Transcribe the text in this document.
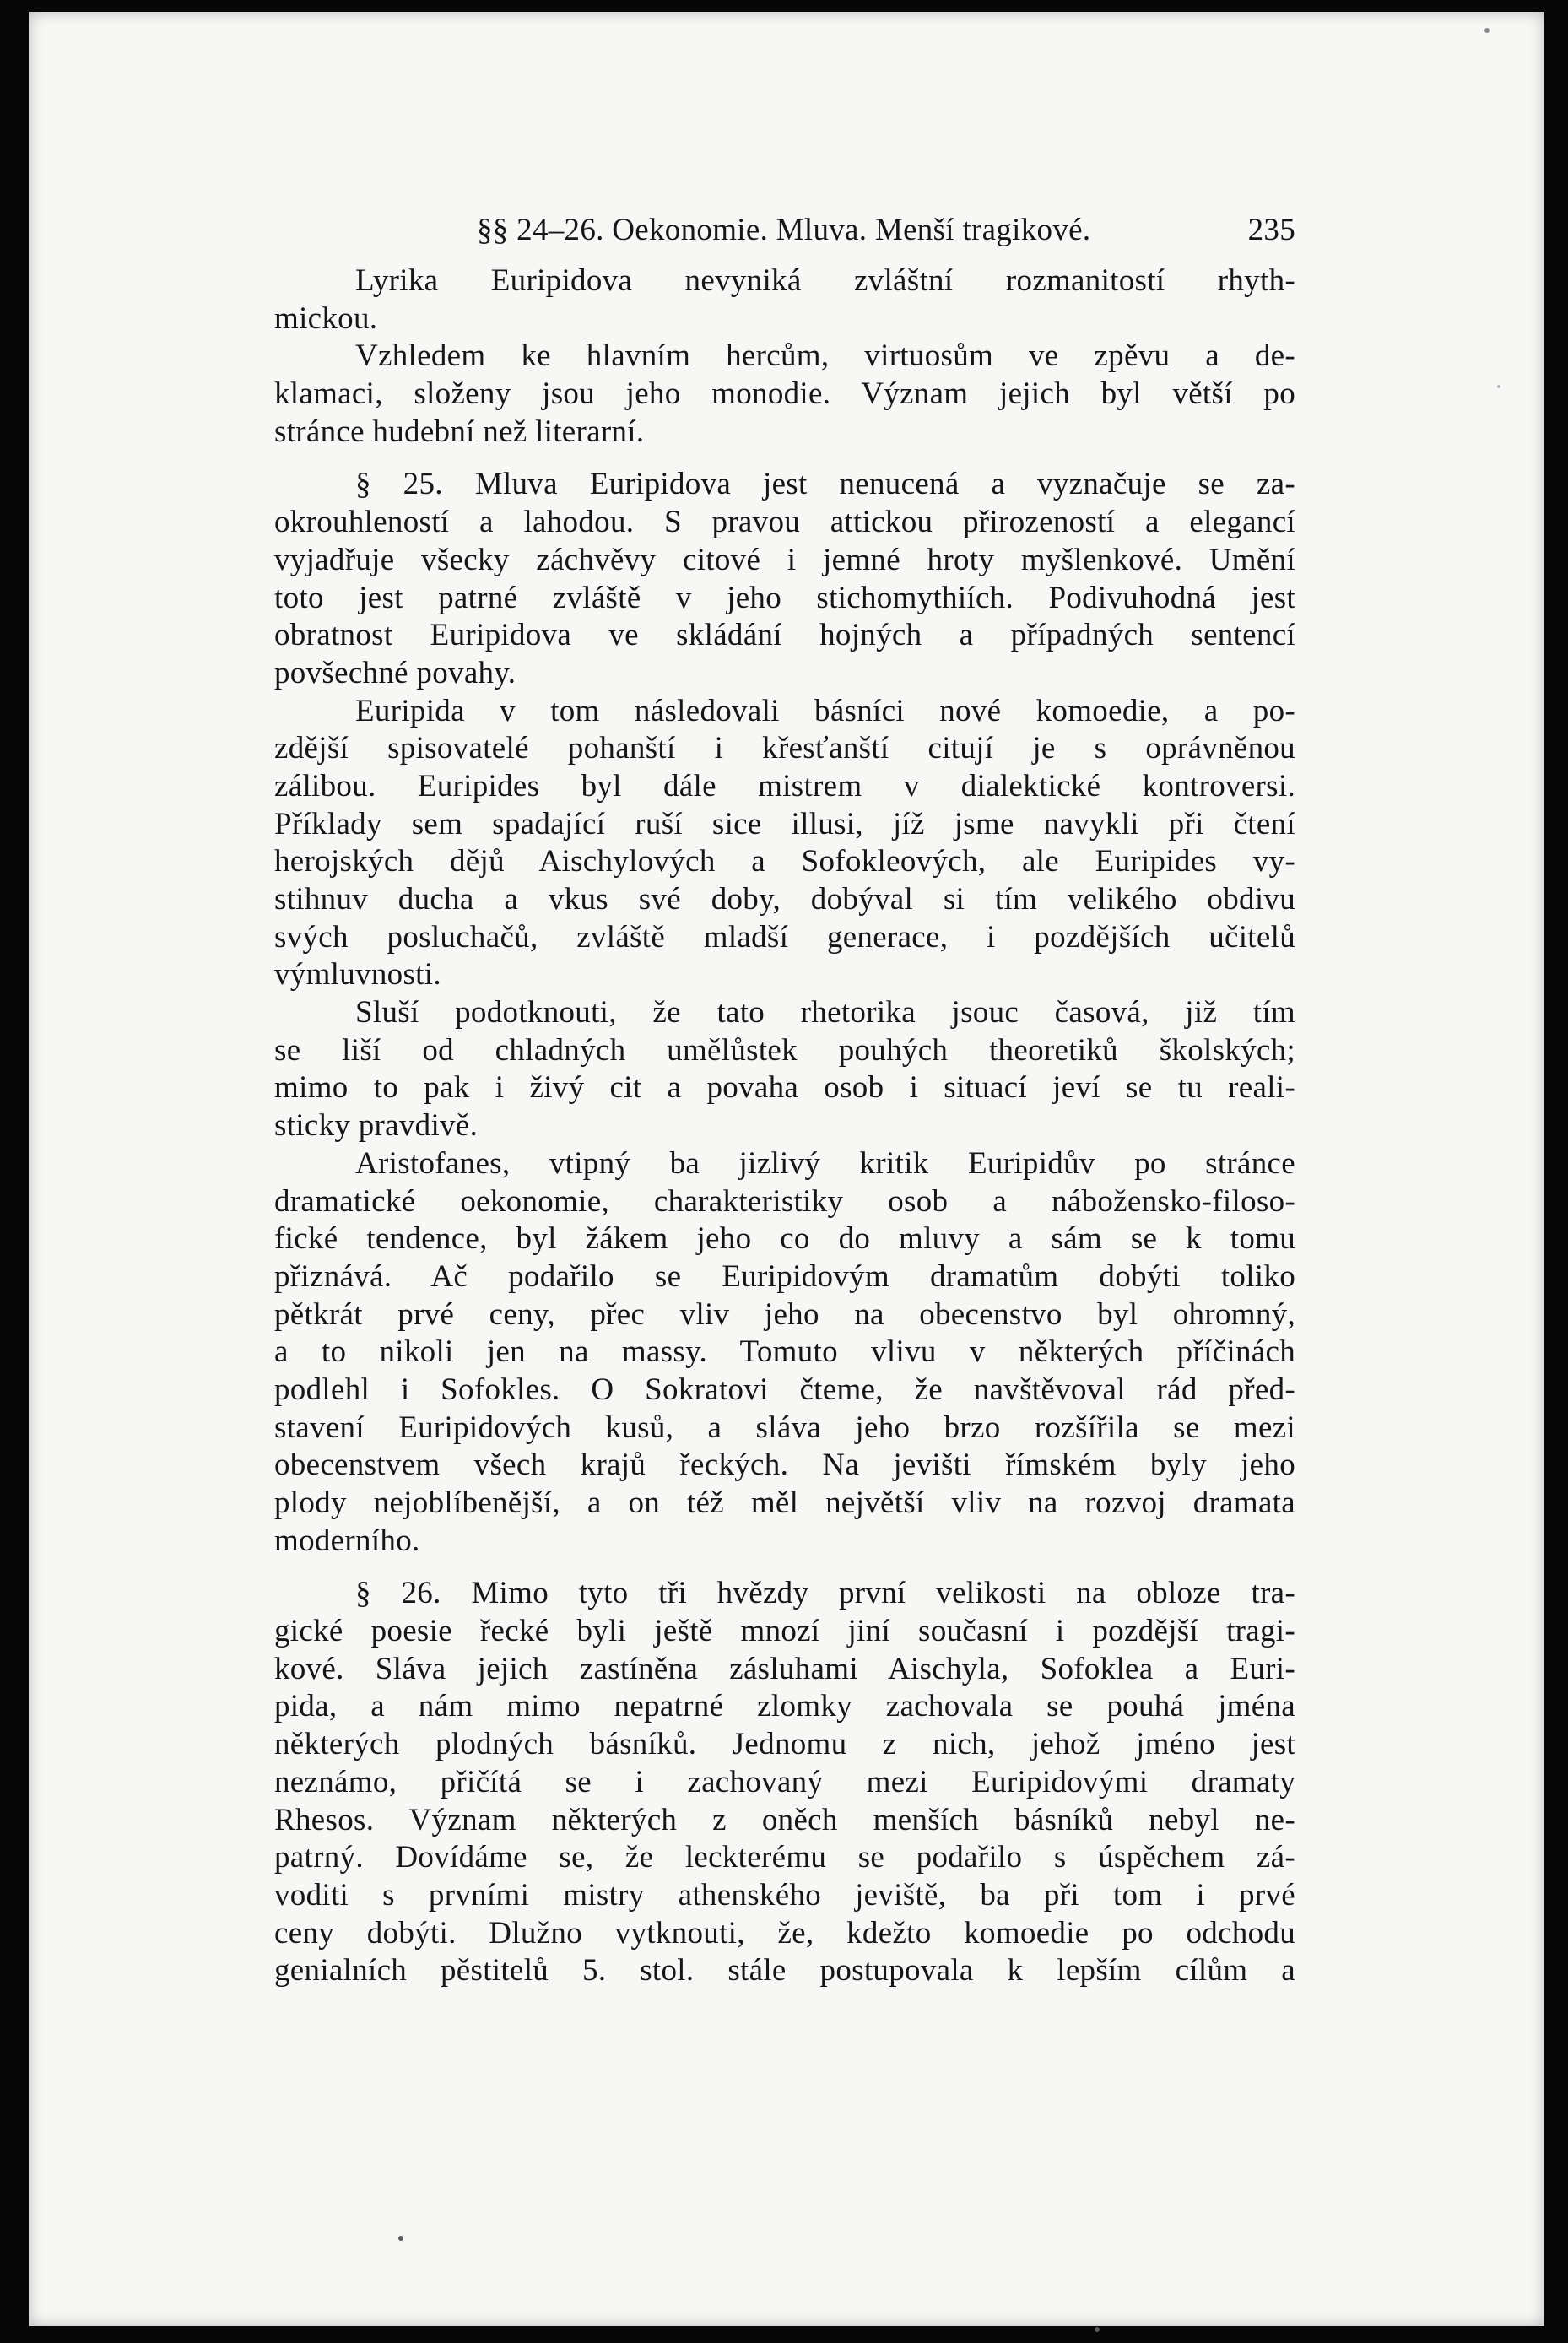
§§ 24–26. Oekonomie. Mluva. Menší tragikové.	235
Lyrika Euripidova nevyniká zvláštní rozmanitostí rhyth-
mickou.
Vzhledem ke hlavním hercům, virtuosům ve zpěvu a de-
klamaci, složeny jsou jeho monodie. Význam jejich byl větší po
stránce hudební než literarní.
§ 25. Mluva Euripidova jest nenucená a vyznačuje se za-
okrouhleností a lahodou. S pravou attickou přirozeností a elegancí
vyjadřuje všecky záchvěvy citové i jemné hroty myšlenkové. Umění
toto jest patrné zvláště v jeho stichomythiích. Podivuhodná jest
obratnost Euripidova ve skládání hojných a případných sentencí
povšechné povahy.
Euripida v tom následovali básníci nové komoedie, a po-
zdější spisovatelé pohanští i křesťanští citují je s oprávněnou
zálibou. Euripides byl dále mistrem v dialektické kontroversi.
Příklady sem spadající ruší sice illusi, jíž jsme navykli při čtení
herojských dějů Aischylových a Sofokleových, ale Euripides vy-
stihnuv ducha a vkus své doby, dobýval si tím velikého obdivu
svých posluchačů, zvláště mladší generace, i pozdějších učitelů
výmluvnosti.
Sluší podotknouti, že tato rhetorika jsouc časová, již tím
se liší od chladných umělůstek pouhých theoretiků školských;
mimo to pak i živý cit a povaha osob i situací jeví se tu reali-
sticky pravdivě.
Aristofanes, vtipný ba jizlivý kritik Euripidův po stránce
dramatické oekonomie, charakteristiky osob a nábožensko-filoso-
fické tendence, byl žákem jeho co do mluvy a sám se k tomu
přiznává. Ač podařilo se Euripidovým dramatům dobýti toliko
pětkrát prvé ceny, přec vliv jeho na obecenstvo byl ohromný,
a to nikoli jen na massy. Tomuto vlivu v některých příčinách
podlehl i Sofokles. O Sokratovi čteme, že navštěvoval rád před-
stavení Euripidových kusů, a sláva jeho brzo rozšířila se mezi
obecenstvem všech krajů řeckých. Na jevišti římském byly jeho
plody nejoblíbenější, a on též měl největší vliv na rozvoj dramata
moderního.
§ 26. Mimo tyto tři hvězdy první velikosti na obloze tra-
gické poesie řecké byli ještě mnozí jiní současní i pozdější tragi-
kové. Sláva jejich zastíněna zásluhami Aischyla, Sofoklea a Euri-
pida, a nám mimo nepatrné zlomky zachovala se pouhá jména
některých plodných básníků. Jednomu z nich, jehož jméno jest
neznámo, přičítá se i zachovaný mezi Euripidovými dramaty
Rhesos. Význam některých z oněch menších básníků nebyl ne-
patrný. Dovídáme se, že leckterému se podařilo s úspěchem zá-
voditi s prvními mistry athenského jeviště, ba při tom i prvé
ceny dobýti. Dlužno vytknouti, že, kdežto komoedie po odchodu
genialních pěstitelů 5. stol. stále postupovala k lepším cílům a
